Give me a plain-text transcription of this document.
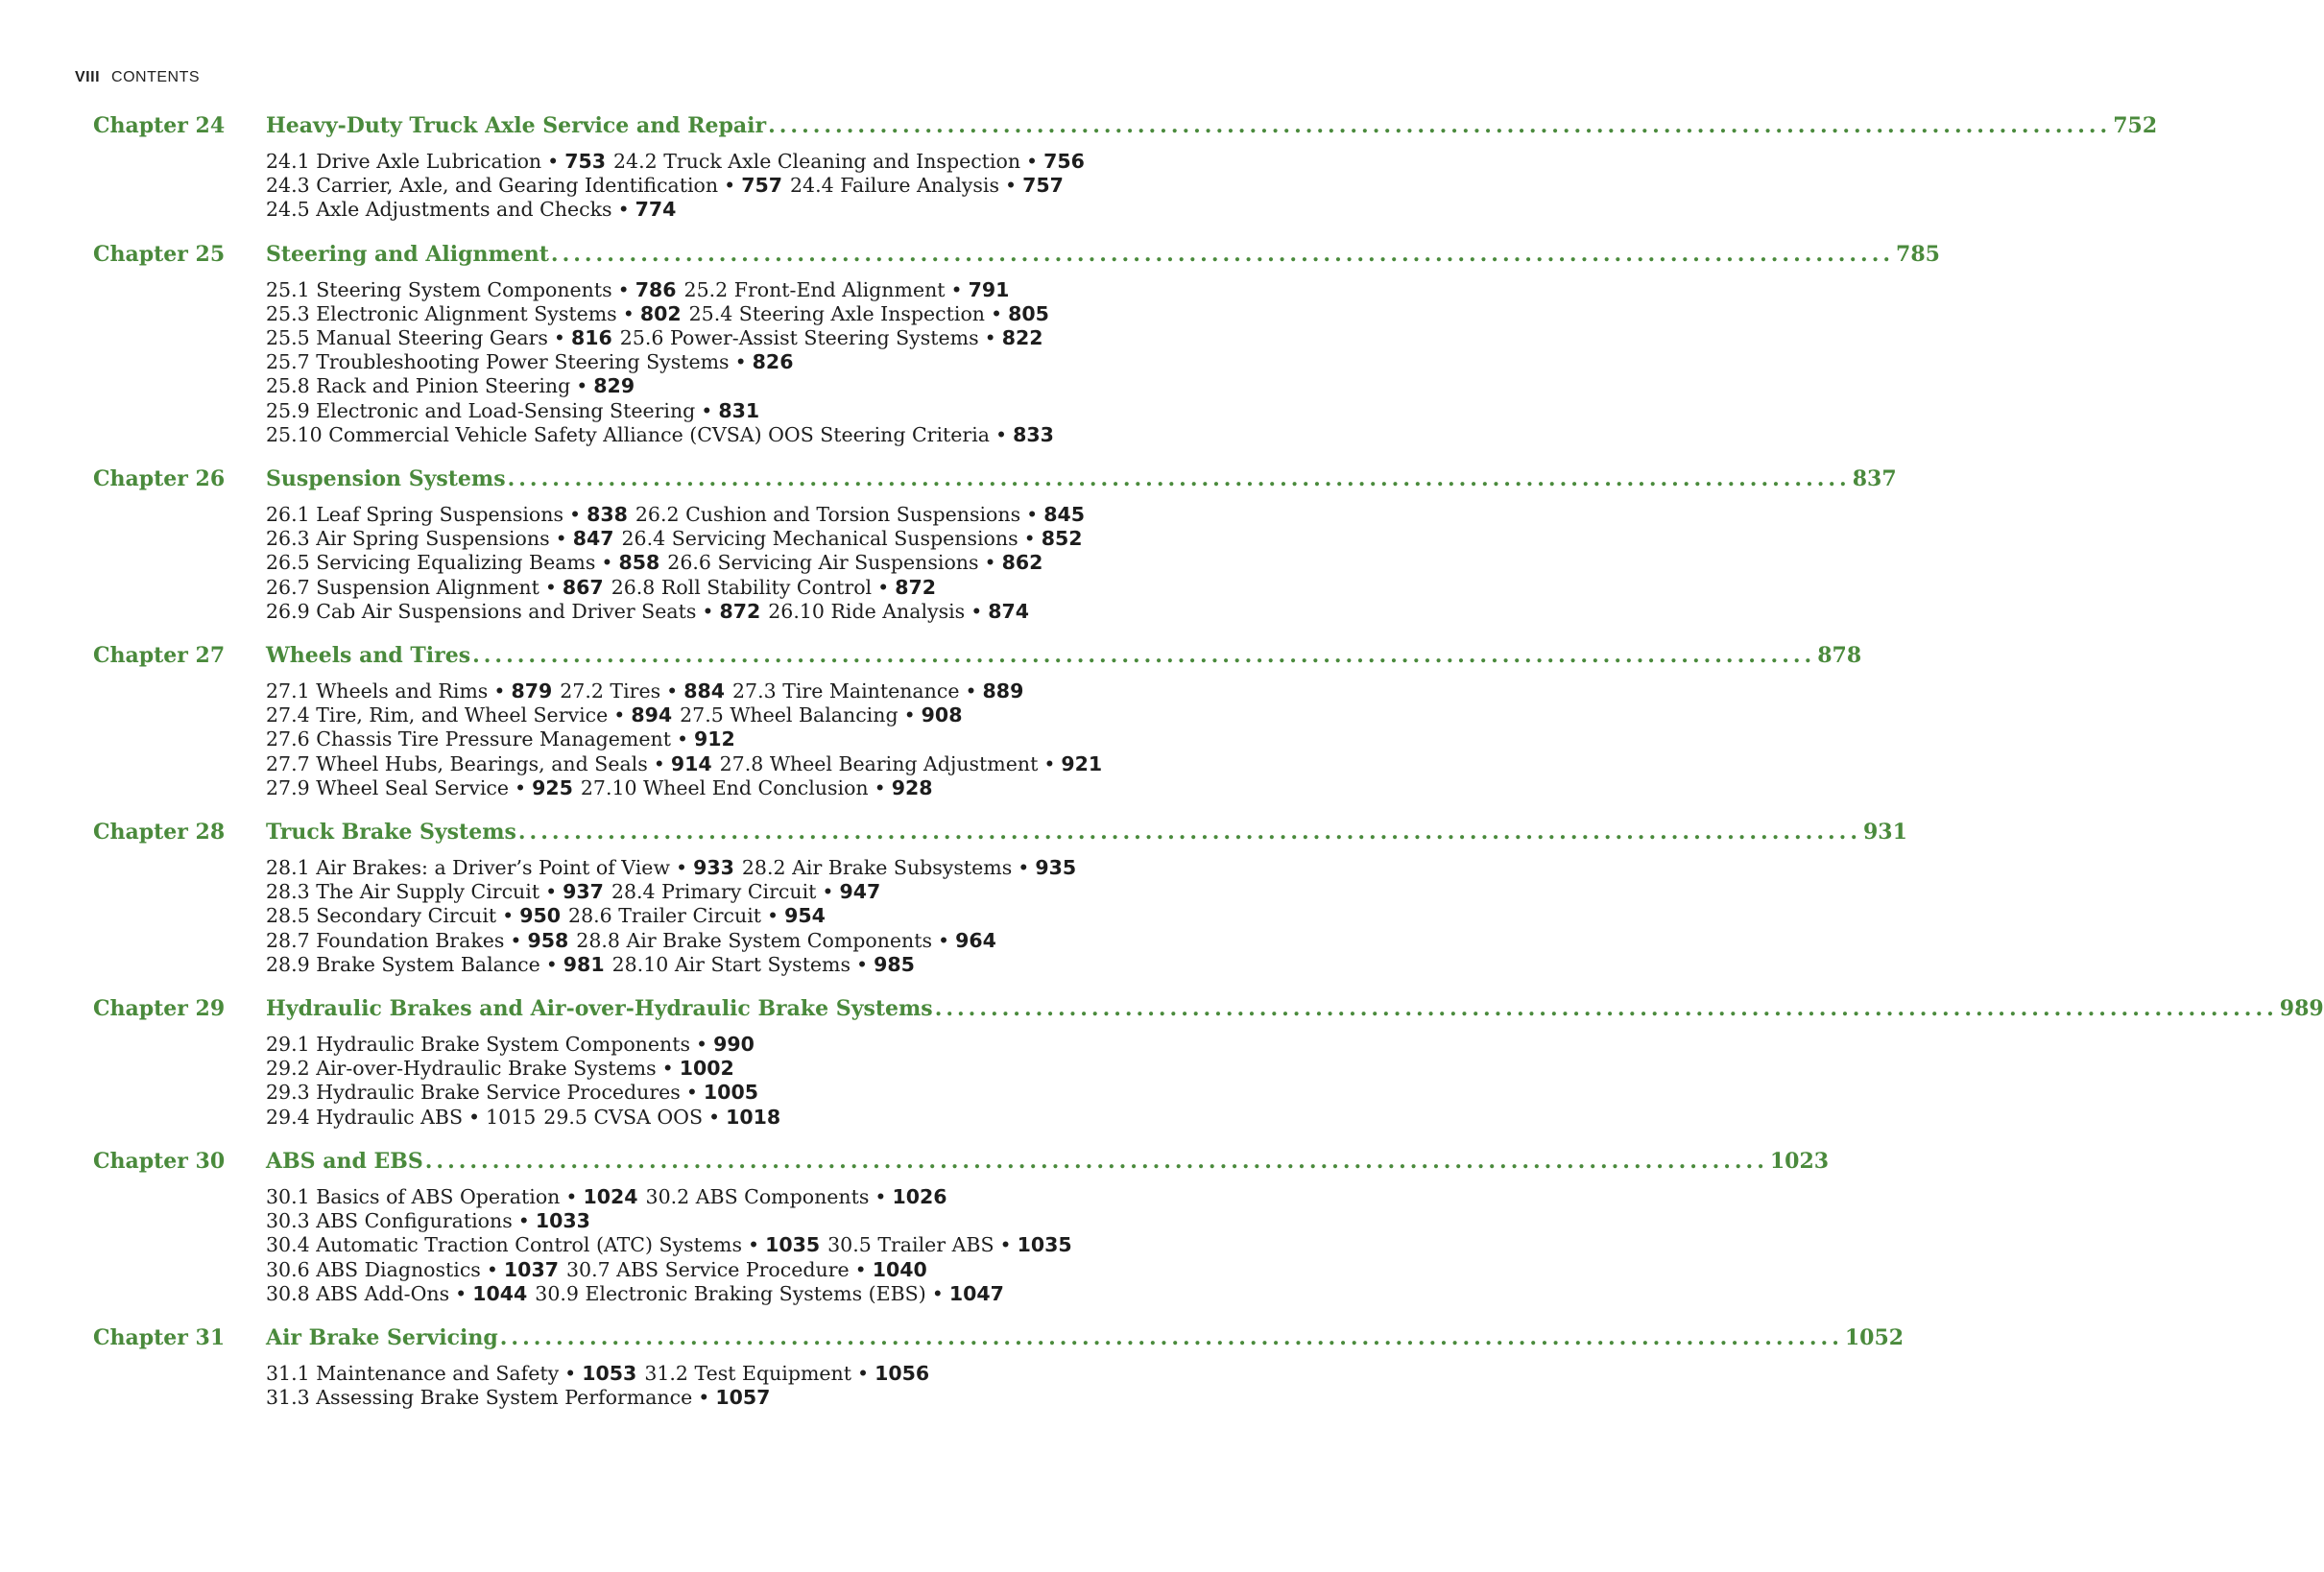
VIII CONTENTS
Chapter 24	Heavy-Duty Truck Axle Service and Repair ........................................................................................................................ 752
24.1 Drive Axle Lubrication • 753 24.2 Truck Axle Cleaning and Inspection • 756
24.3 Carrier, Axle, and Gearing Identification • 757 24.4 Failure Analysis • 757
24.5 Axle Adjustments and Checks • 774
Chapter 25	Steering and Alignment ........................................................................................................................ 785
25.1 Steering System Components • 786 25.2 Front-End Alignment • 791
25.3 Electronic Alignment Systems • 802 25.4 Steering Axle Inspection • 805
25.5 Manual Steering Gears • 816 25.6 Power-Assist Steering Systems • 822
25.7 Troubleshooting Power Steering Systems • 826
25.8 Rack and Pinion Steering • 829
25.9 Electronic and Load-Sensing Steering • 831
25.10 Commercial Vehicle Safety Alliance (CVSA) OOS Steering Criteria • 833
Chapter 26	Suspension Systems ........................................................................................................................ 837
26.1 Leaf Spring Suspensions • 838 26.2 Cushion and Torsion Suspensions • 845
26.3 Air Spring Suspensions • 847 26.4 Servicing Mechanical Suspensions • 852
26.5 Servicing Equalizing Beams • 858 26.6 Servicing Air Suspensions • 862
26.7 Suspension Alignment • 867 26.8 Roll Stability Control • 872
26.9 Cab Air Suspensions and Driver Seats • 872 26.10 Ride Analysis • 874
Chapter 27	Wheels and Tires ........................................................................................................................ 878
27.1 Wheels and Rims • 879 27.2 Tires • 884 27.3 Tire Maintenance • 889
27.4 Tire, Rim, and Wheel Service • 894 27.5 Wheel Balancing • 908
27.6 Chassis Tire Pressure Management • 912
27.7 Wheel Hubs, Bearings, and Seals • 914 27.8 Wheel Bearing Adjustment • 921
27.9 Wheel Seal Service • 925 27.10 Wheel End Conclusion • 928
Chapter 28	Truck Brake Systems ........................................................................................................................ 931
28.1 Air Brakes: a Driver’s Point of View • 933 28.2 Air Brake Subsystems • 935
28.3 The Air Supply Circuit • 937 28.4 Primary Circuit • 947
28.5 Secondary Circuit • 950 28.6 Trailer Circuit • 954
28.7 Foundation Brakes • 958 28.8 Air Brake System Components • 964
28.9 Brake System Balance • 981 28.10 Air Start Systems • 985
Chapter 29	Hydraulic Brakes and Air-over-Hydraulic Brake Systems ........................................................................................................................ 989
29.1 Hydraulic Brake System Components • 990
29.2 Air-over-Hydraulic Brake Systems • 1002
29.3 Hydraulic Brake Service Procedures • 1005
29.4 Hydraulic ABS • 1015 29.5 CVSA OOS • 1018
Chapter 30	ABS and EBS ........................................................................................................................ 1023
30.1 Basics of ABS Operation • 1024 30.2 ABS Components • 1026
30.3 ABS Configurations • 1033
30.4 Automatic Traction Control (ATC) Systems • 1035 30.5 Trailer ABS • 1035
30.6 ABS Diagnostics • 1037 30.7 ABS Service Procedure • 1040
30.8 ABS Add-Ons • 1044 30.9 Electronic Braking Systems (EBS) • 1047
Chapter 31	Air Brake Servicing ........................................................................................................................ 1052
31.1 Maintenance and Safety • 1053 31.2 Test Equipment • 1056
31.3 Assessing Brake System Performance • 1057
